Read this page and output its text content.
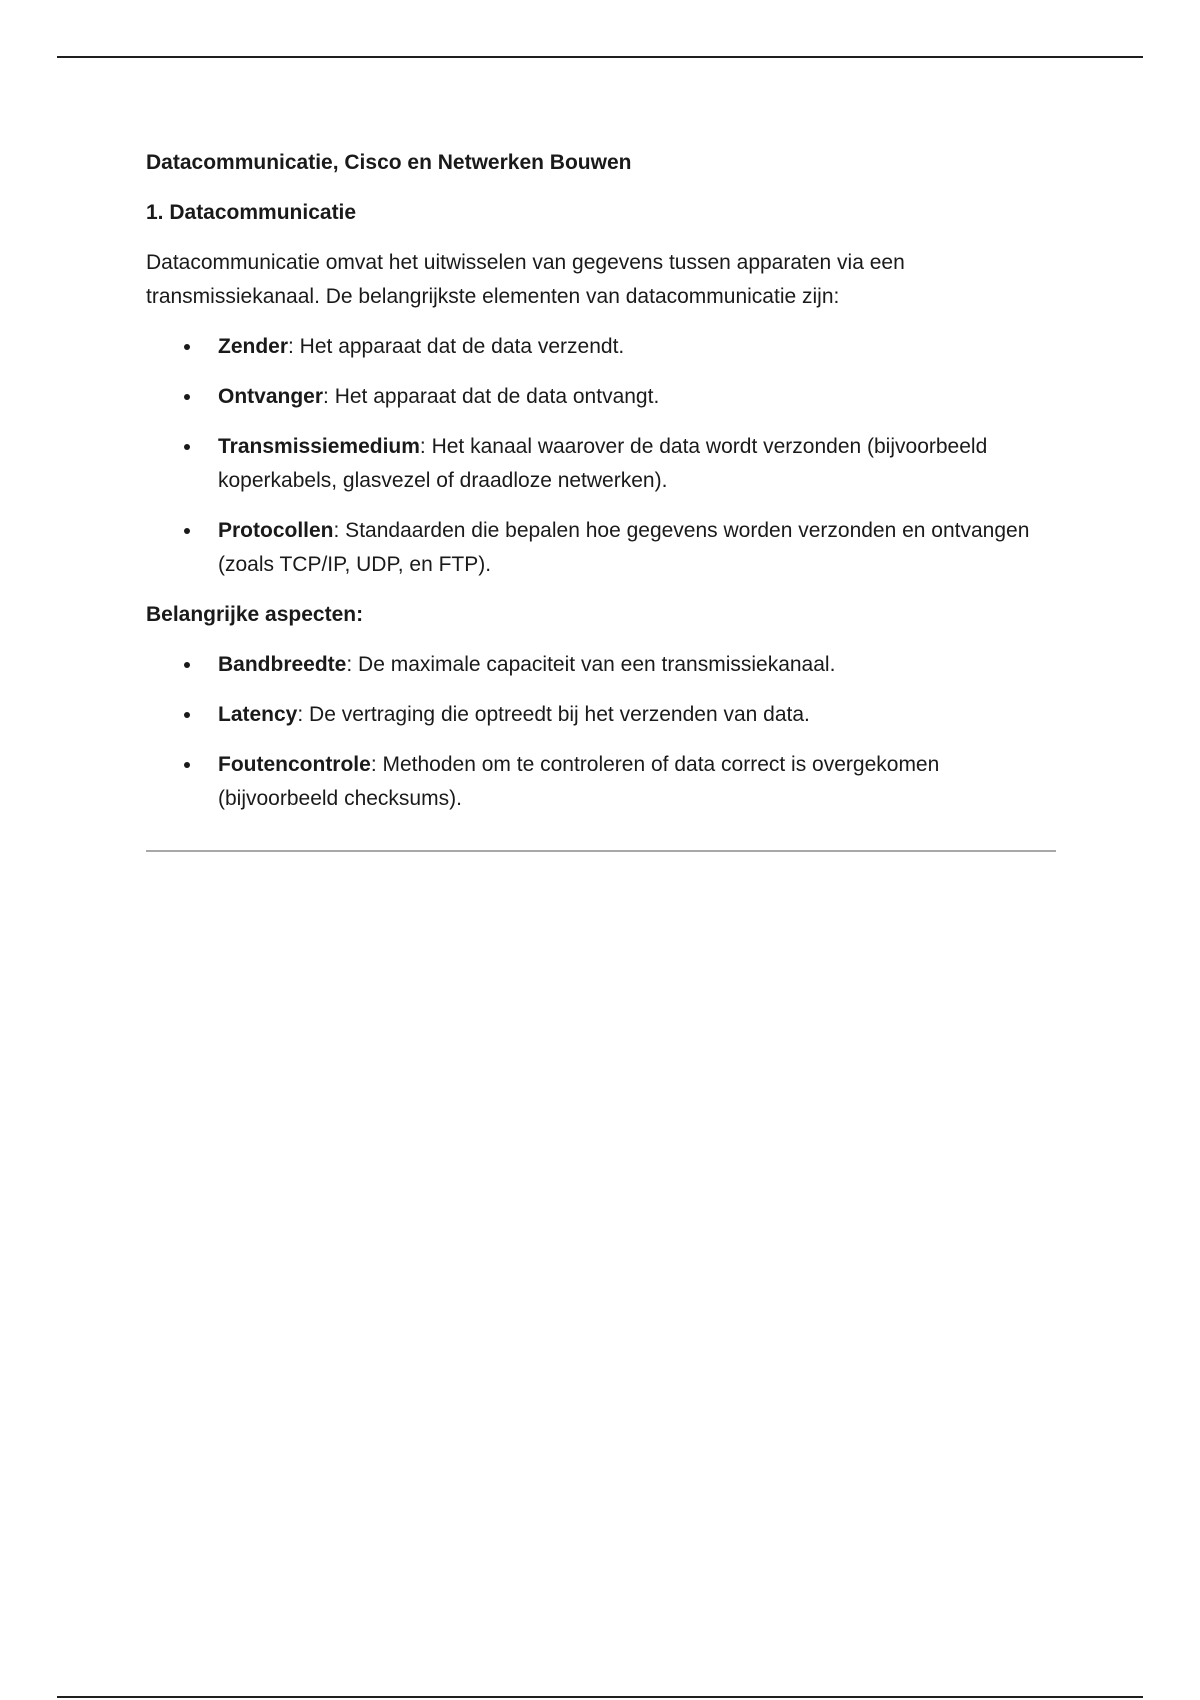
Datacommunicatie, Cisco en Netwerken Bouwen
1. Datacommunicatie
Datacommunicatie omvat het uitwisselen van gegevens tussen apparaten via een transmissiekanaal. De belangrijkste elementen van datacommunicatie zijn:
Zender: Het apparaat dat de data verzendt.
Ontvanger: Het apparaat dat de data ontvangt.
Transmissiemedium: Het kanaal waarover de data wordt verzonden (bijvoorbeeld koperkabels, glasvezel of draadloze netwerken).
Protocollen: Standaarden die bepalen hoe gegevens worden verzonden en ontvangen (zoals TCP/IP, UDP, en FTP).
Belangrijke aspecten:
Bandbreedte: De maximale capaciteit van een transmissiekanaal.
Latency: De vertraging die optreedt bij het verzenden van data.
Foutencontrole: Methoden om te controleren of data correct is overgekomen (bijvoorbeeld checksums).
